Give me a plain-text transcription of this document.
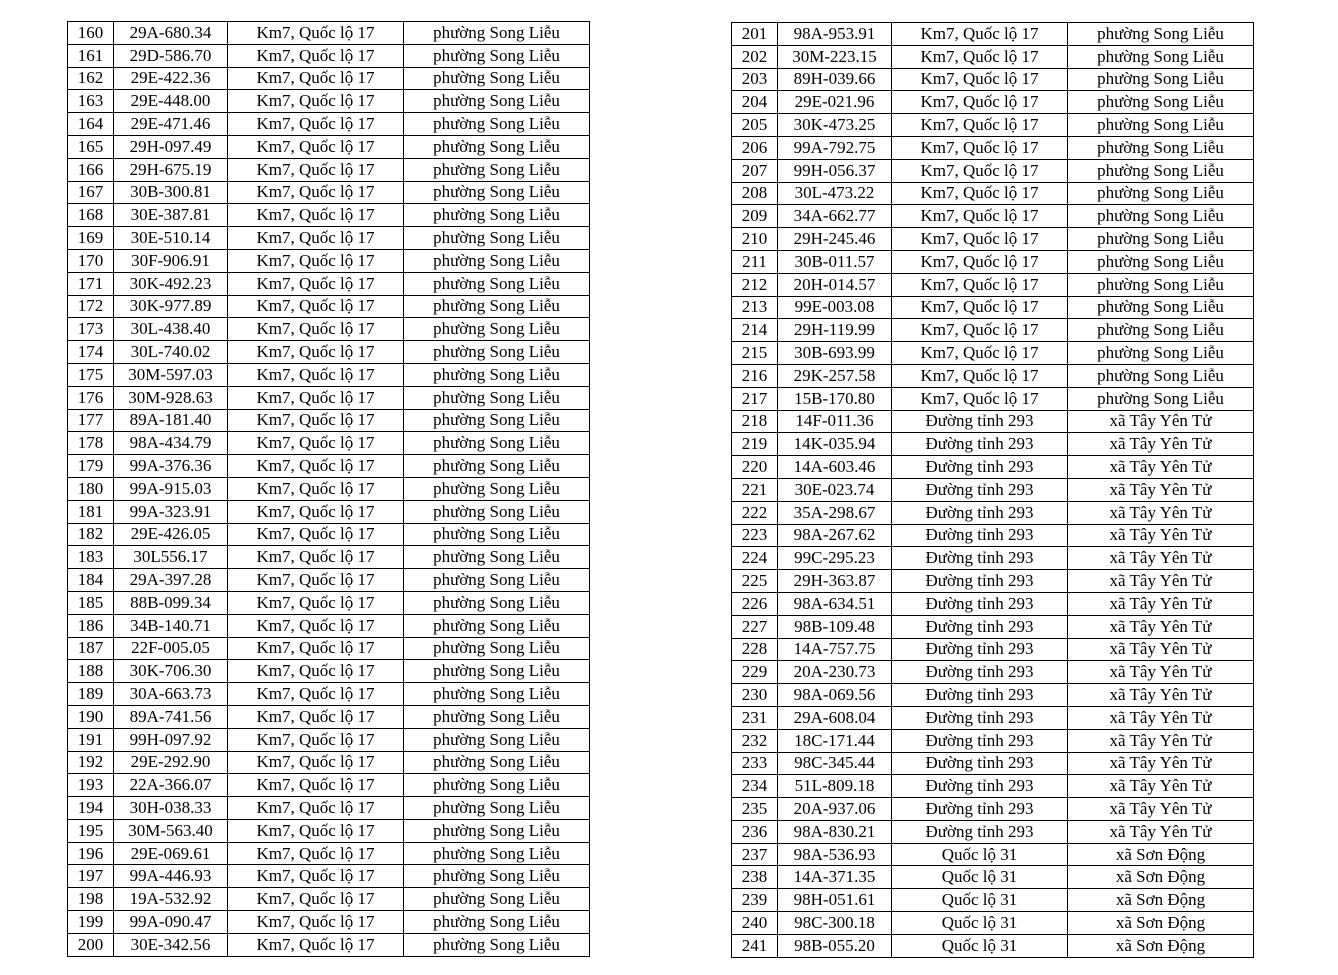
160	29A-680.34	Km7, Quốc lộ 17	phường Song Liễu
161	29D-586.70	Km7, Quốc lộ 17	phường Song Liễu
162	29E-422.36	Km7, Quốc lộ 17	phường Song Liễu
163	29E-448.00	Km7, Quốc lộ 17	phường Song Liễu
164	29E-471.46	Km7, Quốc lộ 17	phường Song Liễu
165	29H-097.49	Km7, Quốc lộ 17	phường Song Liễu
166	29H-675.19	Km7, Quốc lộ 17	phường Song Liễu
167	30B-300.81	Km7, Quốc lộ 17	phường Song Liễu
168	30E-387.81	Km7, Quốc lộ 17	phường Song Liễu
169	30E-510.14	Km7, Quốc lộ 17	phường Song Liễu
170	30F-906.91	Km7, Quốc lộ 17	phường Song Liễu
171	30K-492.23	Km7, Quốc lộ 17	phường Song Liễu
172	30K-977.89	Km7, Quốc lộ 17	phường Song Liễu
173	30L-438.40	Km7, Quốc lộ 17	phường Song Liễu
174	30L-740.02	Km7, Quốc lộ 17	phường Song Liễu
175	30M-597.03	Km7, Quốc lộ 17	phường Song Liễu
176	30M-928.63	Km7, Quốc lộ 17	phường Song Liễu
177	89A-181.40	Km7, Quốc lộ 17	phường Song Liễu
178	98A-434.79	Km7, Quốc lộ 17	phường Song Liễu
179	99A-376.36	Km7, Quốc lộ 17	phường Song Liễu
180	99A-915.03	Km7, Quốc lộ 17	phường Song Liễu
181	99A-323.91	Km7, Quốc lộ 17	phường Song Liễu
182	29E-426.05	Km7, Quốc lộ 17	phường Song Liễu
183	30L556.17	Km7, Quốc lộ 17	phường Song Liễu
184	29A-397.28	Km7, Quốc lộ 17	phường Song Liễu
185	88B-099.34	Km7, Quốc lộ 17	phường Song Liễu
186	34B-140.71	Km7, Quốc lộ 17	phường Song Liễu
187	22F-005.05	Km7, Quốc lộ 17	phường Song Liễu
188	30K-706.30	Km7, Quốc lộ 17	phường Song Liễu
189	30A-663.73	Km7, Quốc lộ 17	phường Song Liễu
190	89A-741.56	Km7, Quốc lộ 17	phường Song Liễu
191	99H-097.92	Km7, Quốc lộ 17	phường Song Liễu
192	29E-292.90	Km7, Quốc lộ 17	phường Song Liễu
193	22A-366.07	Km7, Quốc lộ 17	phường Song Liễu
194	30H-038.33	Km7, Quốc lộ 17	phường Song Liễu
195	30M-563.40	Km7, Quốc lộ 17	phường Song Liễu
196	29E-069.61	Km7, Quốc lộ 17	phường Song Liễu
197	99A-446.93	Km7, Quốc lộ 17	phường Song Liễu
198	19A-532.92	Km7, Quốc lộ 17	phường Song Liễu
199	99A-090.47	Km7, Quốc lộ 17	phường Song Liễu
200	30E-342.56	Km7, Quốc lộ 17	phường Song Liễu
201	98A-953.91	Km7, Quốc lộ 17	phường Song Liễu
202	30M-223.15	Km7, Quốc lộ 17	phường Song Liễu
203	89H-039.66	Km7, Quốc lộ 17	phường Song Liễu
204	29E-021.96	Km7, Quốc lộ 17	phường Song Liễu
205	30K-473.25	Km7, Quốc lộ 17	phường Song Liễu
206	99A-792.75	Km7, Quốc lộ 17	phường Song Liễu
207	99H-056.37	Km7, Quốc lộ 17	phường Song Liễu
208	30L-473.22	Km7, Quốc lộ 17	phường Song Liễu
209	34A-662.77	Km7, Quốc lộ 17	phường Song Liễu
210	29H-245.46	Km7, Quốc lộ 17	phường Song Liễu
211	30B-011.57	Km7, Quốc lộ 17	phường Song Liễu
212	20H-014.57	Km7, Quốc lộ 17	phường Song Liễu
213	99E-003.08	Km7, Quốc lộ 17	phường Song Liễu
214	29H-119.99	Km7, Quốc lộ 17	phường Song Liễu
215	30B-693.99	Km7, Quốc lộ 17	phường Song Liễu
216	29K-257.58	Km7, Quốc lộ 17	phường Song Liễu
217	15B-170.80	Km7, Quốc lộ 17	phường Song Liễu
218	14F-011.36	Đường tỉnh 293	xã Tây Yên Tử
219	14K-035.94	Đường tỉnh 293	xã Tây Yên Tử
220	14A-603.46	Đường tỉnh 293	xã Tây Yên Tử
221	30E-023.74	Đường tỉnh 293	xã Tây Yên Tử
222	35A-298.67	Đường tỉnh 293	xã Tây Yên Tử
223	98A-267.62	Đường tỉnh 293	xã Tây Yên Tử
224	99C-295.23	Đường tỉnh 293	xã Tây Yên Tử
225	29H-363.87	Đường tỉnh 293	xã Tây Yên Tử
226	98A-634.51	Đường tỉnh 293	xã Tây Yên Tử
227	98B-109.48	Đường tỉnh 293	xã Tây Yên Tử
228	14A-757.75	Đường tỉnh 293	xã Tây Yên Tử
229	20A-230.73	Đường tỉnh 293	xã Tây Yên Tử
230	98A-069.56	Đường tỉnh 293	xã Tây Yên Tử
231	29A-608.04	Đường tỉnh 293	xã Tây Yên Tử
232	18C-171.44	Đường tỉnh 293	xã Tây Yên Tử
233	98C-345.44	Đường tỉnh 293	xã Tây Yên Tử
234	51L-809.18	Đường tỉnh 293	xã Tây Yên Tử
235	20A-937.06	Đường tỉnh 293	xã Tây Yên Tử
236	98A-830.21	Đường tỉnh 293	xã Tây Yên Tử
237	98A-536.93	Quốc lộ 31	xã Sơn Động
238	14A-371.35	Quốc lộ 31	xã Sơn Động
239	98H-051.61	Quốc lộ 31	xã Sơn Động
240	98C-300.18	Quốc lộ 31	xã Sơn Động
241	98B-055.20	Quốc lộ 31	xã Sơn Động
